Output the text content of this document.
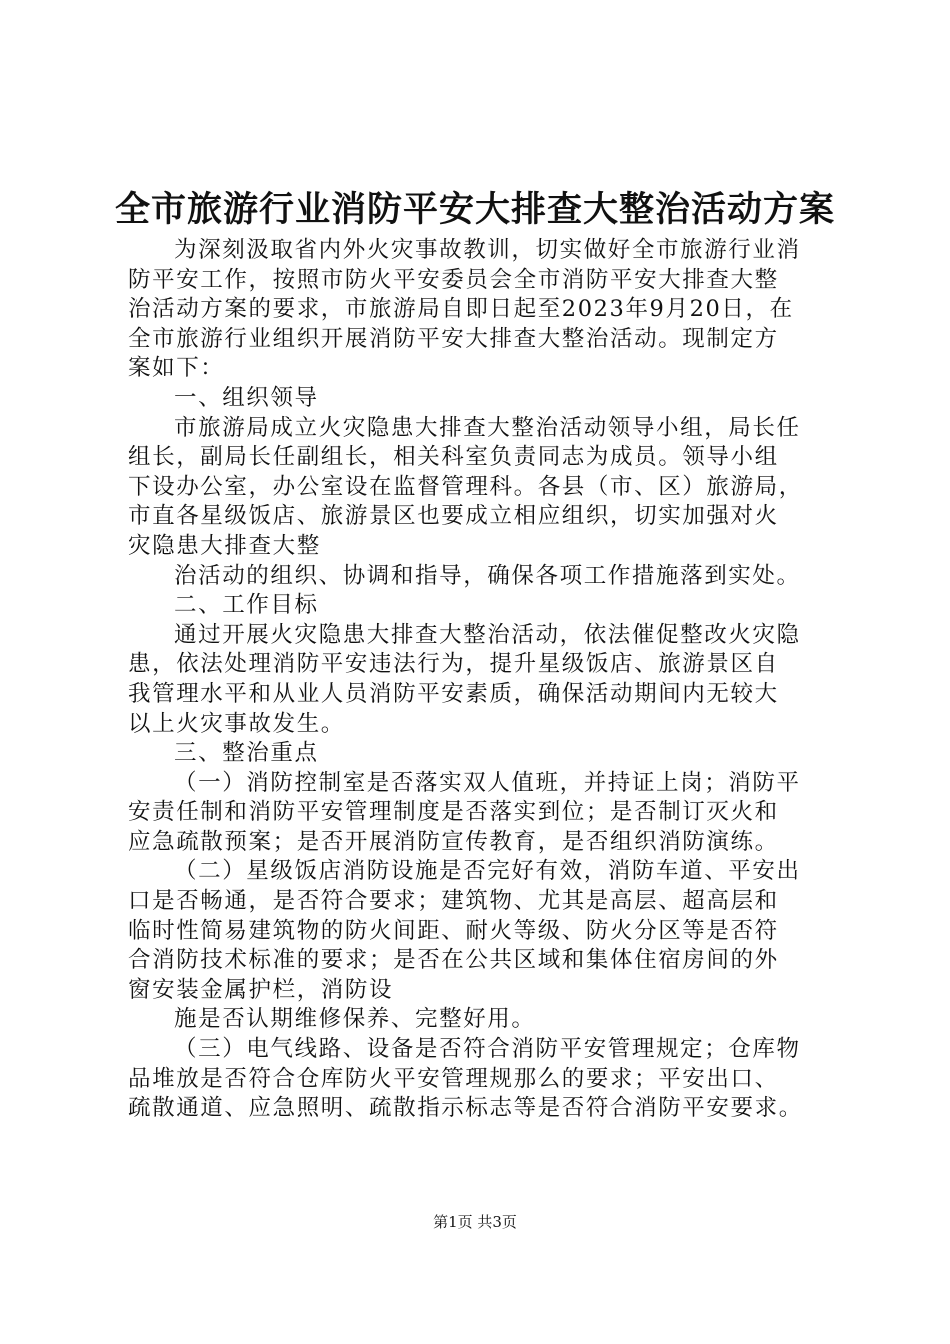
全市旅游行业消防平安大排查大整治活动方案
为深刻汲取省内外火灾事故教训，切实做好全市旅游行业消
防平安工作，按照市防火平安委员会全市消防平安大排查大整
治活动方案的要求，市旅游局自即日起至2023年9月20日，在
全市旅游行业组织开展消防平安大排查大整治活动。现制定方
案如下：
一、组织领导
市旅游局成立火灾隐患大排查大整治活动领导小组，局长任
组长，副局长任副组长，相关科室负责同志为成员。领导小组
下设办公室，办公室设在监督管理科。各县（市、区）旅游局，
市直各星级饭店、旅游景区也要成立相应组织，切实加强对火
灾隐患大排查大整
治活动的组织、协调和指导，确保各项工作措施落到实处。
二、工作目标
通过开展火灾隐患大排查大整治活动，依法催促整改火灾隐
患，依法处理消防平安违法行为，提升星级饭店、旅游景区自
我管理水平和从业人员消防平安素质，确保活动期间内无较大
以上火灾事故发生。
三、整治重点
（一）消防控制室是否落实双人值班，并持证上岗；消防平
安责任制和消防平安管理制度是否落实到位；是否制订灭火和
应急疏散预案；是否开展消防宣传教育，是否组织消防演练。
（二）星级饭店消防设施是否完好有效，消防车道、平安出
口是否畅通，是否符合要求；建筑物、尤其是高层、超高层和
临时性简易建筑物的防火间距、耐火等级、防火分区等是否符
合消防技术标准的要求；是否在公共区域和集体住宿房间的外
窗安装金属护栏，消防设
施是否认期维修保养、完整好用。
（三）电气线路、设备是否符合消防平安管理规定；仓库物
品堆放是否符合仓库防火平安管理规那么的要求；平安出口、
疏散通道、应急照明、疏散指示标志等是否符合消防平安要求。
第1页 共3页
